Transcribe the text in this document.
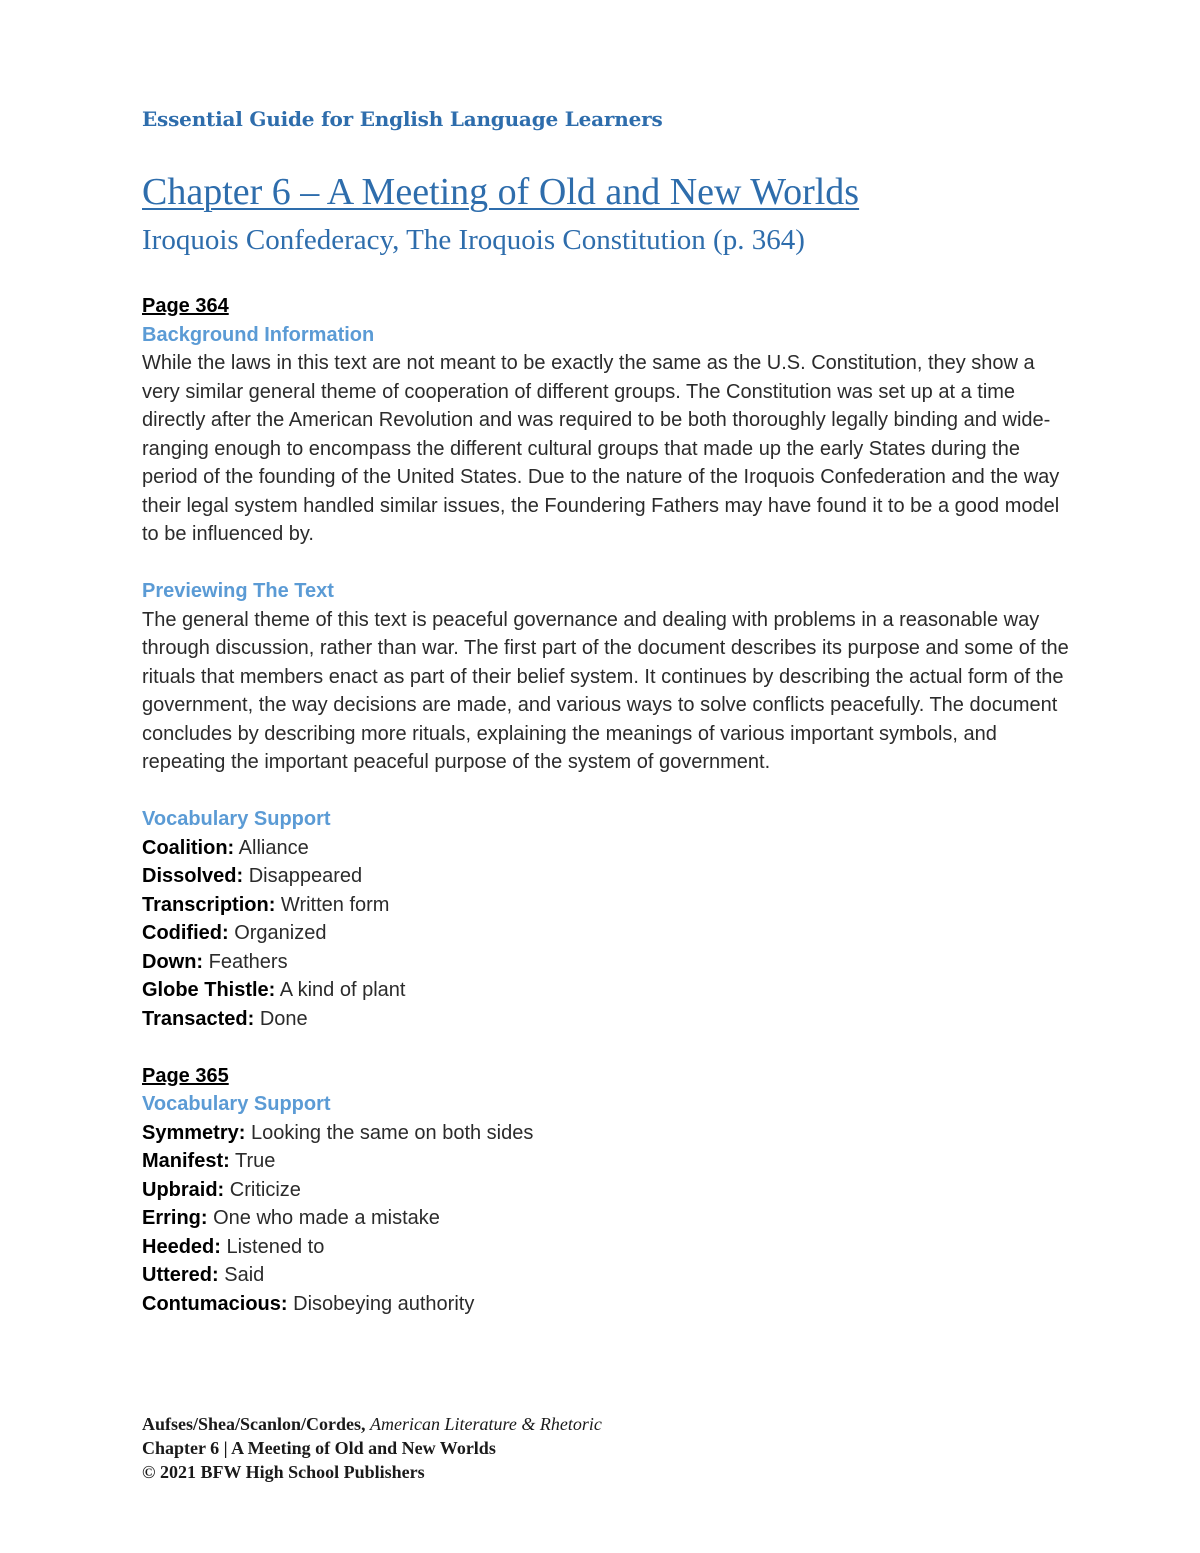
Essential Guide for English Language Learners
Chapter 6 – A Meeting of Old and New Worlds
Iroquois Confederacy, The Iroquois Constitution (p. 364)
Page 364
Background Information

While the laws in this text are not meant to be exactly the same as the U.S. Constitution, they show a very similar general theme of cooperation of different groups. The Constitution was set up at a time directly after the American Revolution and was required to be both thoroughly legally binding and wide-ranging enough to encompass the different cultural groups that made up the early States during the period of the founding of the United States. Due to the nature of the Iroquois Confederation and the way their legal system handled similar issues, the Foundering Fathers may have found it to be a good model to be influenced by.

Previewing The Text

The general theme of this text is peaceful governance and dealing with problems in a reasonable way through discussion, rather than war. The first part of the document describes its purpose and some of the rituals that members enact as part of their belief system. It continues by describing the actual form of the government, the way decisions are made, and various ways to solve conflicts peacefully. The document concludes by describing more rituals, explaining the meanings of various important symbols, and repeating the important peaceful purpose of the system of government.

Vocabulary Support
Coalition: Alliance
Dissolved: Disappeared
Transcription: Written form
Codified: Organized
Down: Feathers
Globe Thistle: A kind of plant
Transacted: Done
Page 365
Vocabulary Support
Symmetry: Looking the same on both sides
Manifest: True
Upbraid: Criticize
Erring: One who made a mistake
Heeded: Listened to
Uttered: Said
Contumacious: Disobeying authority
Aufses/Shea/Scanlon/Cordes, American Literature & Rhetoric
Chapter 6 | A Meeting of Old and New Worlds
© 2021 BFW High School Publishers
